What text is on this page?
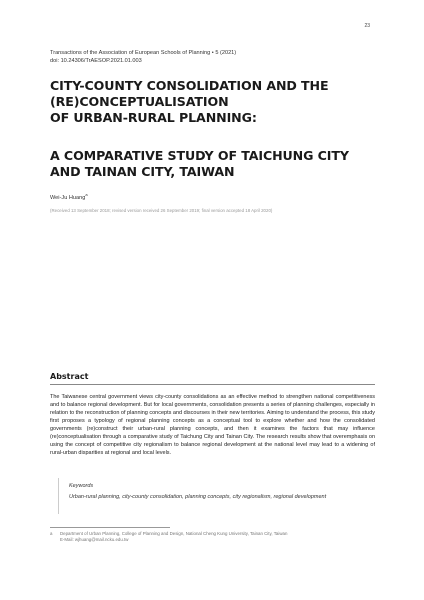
23
Transactions of the Association of European Schools of Planning • 5 (2021)
doi: 10.24306/TrAESOP.2021.01.003
CITY-COUNTY CONSOLIDATION AND THE
(RE)CONCEPTUALISATION
OF URBAN-RURAL PLANNING:
A COMPARATIVE STUDY OF TAICHUNG CITY
AND TAINAN CITY, TAIWAN
Wei-Ju Huang$^a$
(Received 13 September 2018; revised version received 26 September 2019; final version accepted 18 April 2020)
Abstract
The Taiwanese central government views city-county consolidations as an effective method to strengthen national competitiveness and to balance regional development. But for local governments, consolidation presents a series of planning challenges, especially in relation to the reconstruction of planning concepts and discourses in their new territories. Aiming to understand the process, this study first proposes a typology of regional planning concepts as a conceptual tool to explore whether and how the consolidated governments (re)construct their urban-rural planning concepts, and then it examines the factors that may influence (re)conceptualisation through a comparative study of Taichung City and Tainan City. The research results show that overemphasis on using the concept of competitive city regionalism to balance regional development at the national level may lead to a widening of rural-urban disparities at regional and local levels.
Keywords
Urban-rural planning, city-county consolidation, planning concepts, city regionalism, regional development
a	Department of Urban Planning, College of Planning and Design, National Cheng Kung University, Tainan City, Taiwan
E-Mail: wjhuang@mail.ncku.edu.tw
